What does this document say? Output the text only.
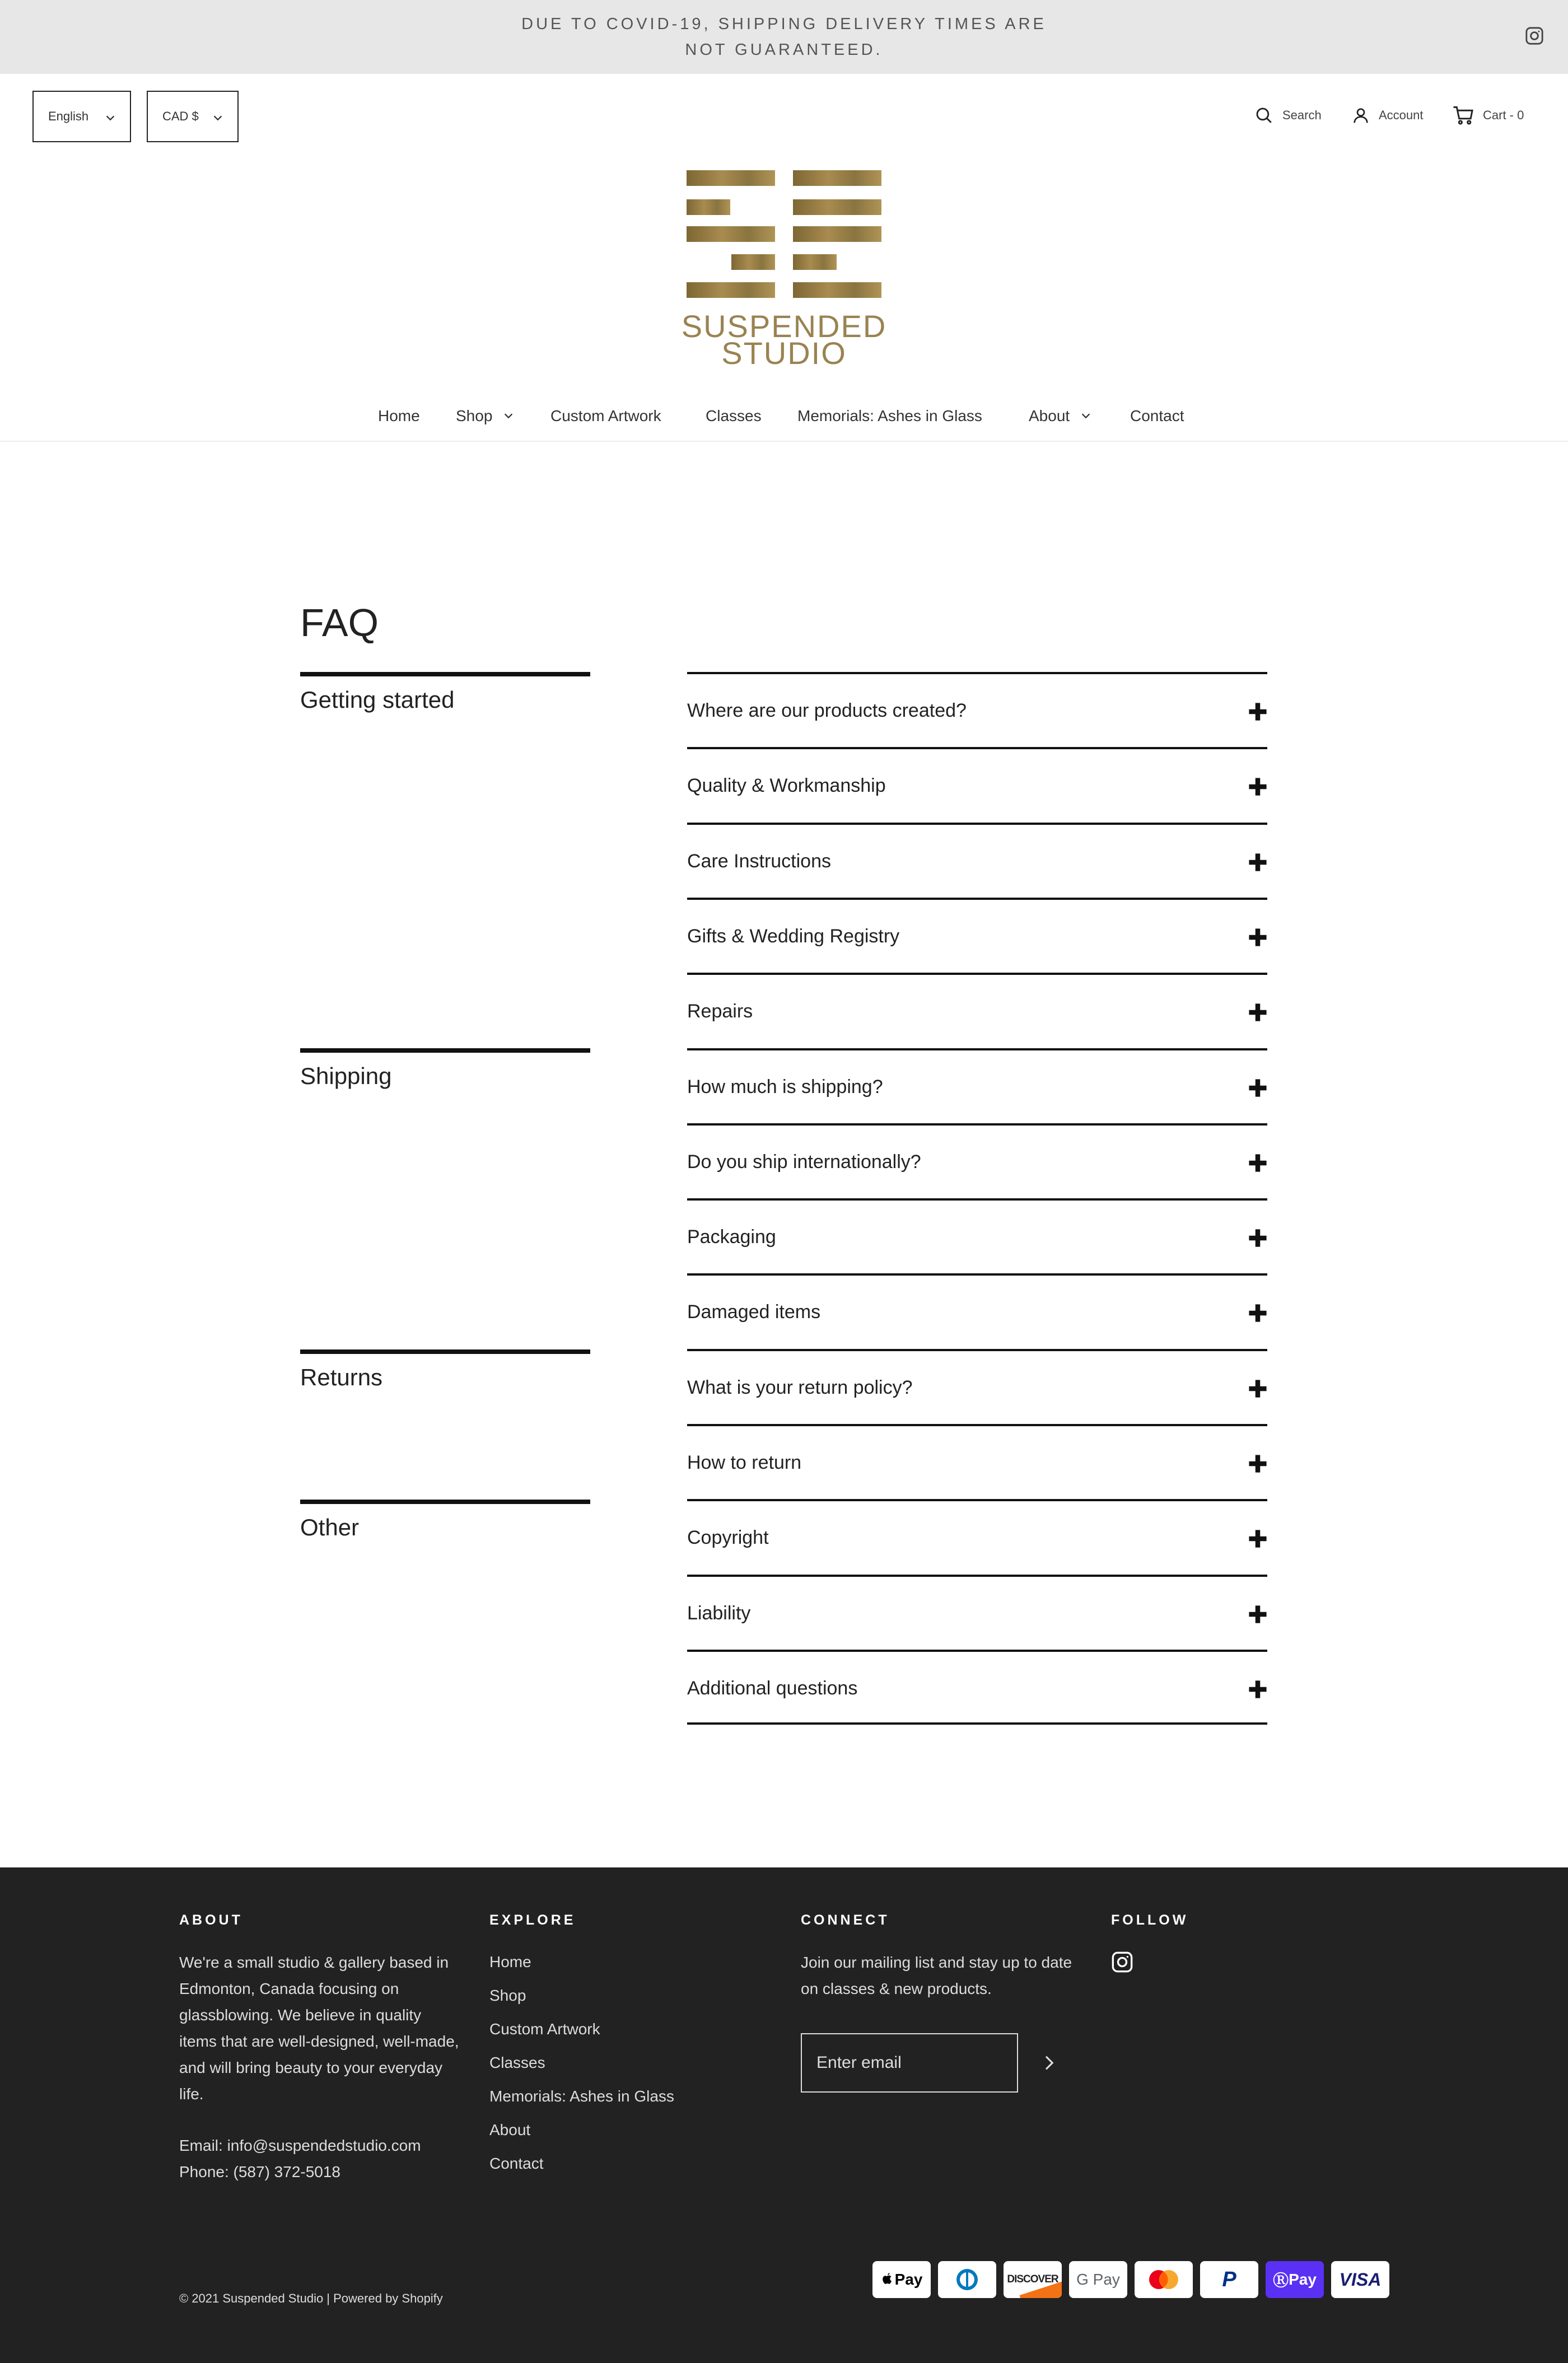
DUE TO COVID-19, SHIPPING DELIVERY TIMES ARE NOT GUARANTEED.
English	CAD $	Search	Account	Cart - 0
SUSPENDED
STUDIO
Home Shop	Custom Artwork	Classes Memorials: Ashes in Glass	About	Contact
FAQ
Getting started
Shipping
Returns
Other
Where are our products created?
Quality & Workmanship
Care Instructions
Gifts & Wedding Registry
Repairs
How much is shipping?
Do you ship internationally?
Packaging
Damaged items
What is your return policy?
How to return
Copyright
Liability
Additional questions
ABOUT
We're a small studio & gallery based in Edmonton, Canada focusing on glassblowing. We believe in quality items that are well-designed, well-made, and will bring beauty to your everyday life.
Email: info@suspendedstudio.com
Phone: (587) 372-5018
EXPLORE
Home
Shop
Custom Artwork
Classes
Memorials: Ashes in Glass
About
Contact
CONNECT
Join our mailing list and stay up to date on classes & new products.
Enter email
FOLLOW
© 2021 Suspended Studio | Powered by Shopify
Pay	DISCOVER G Pay	P Ⓡ Pay VISA
